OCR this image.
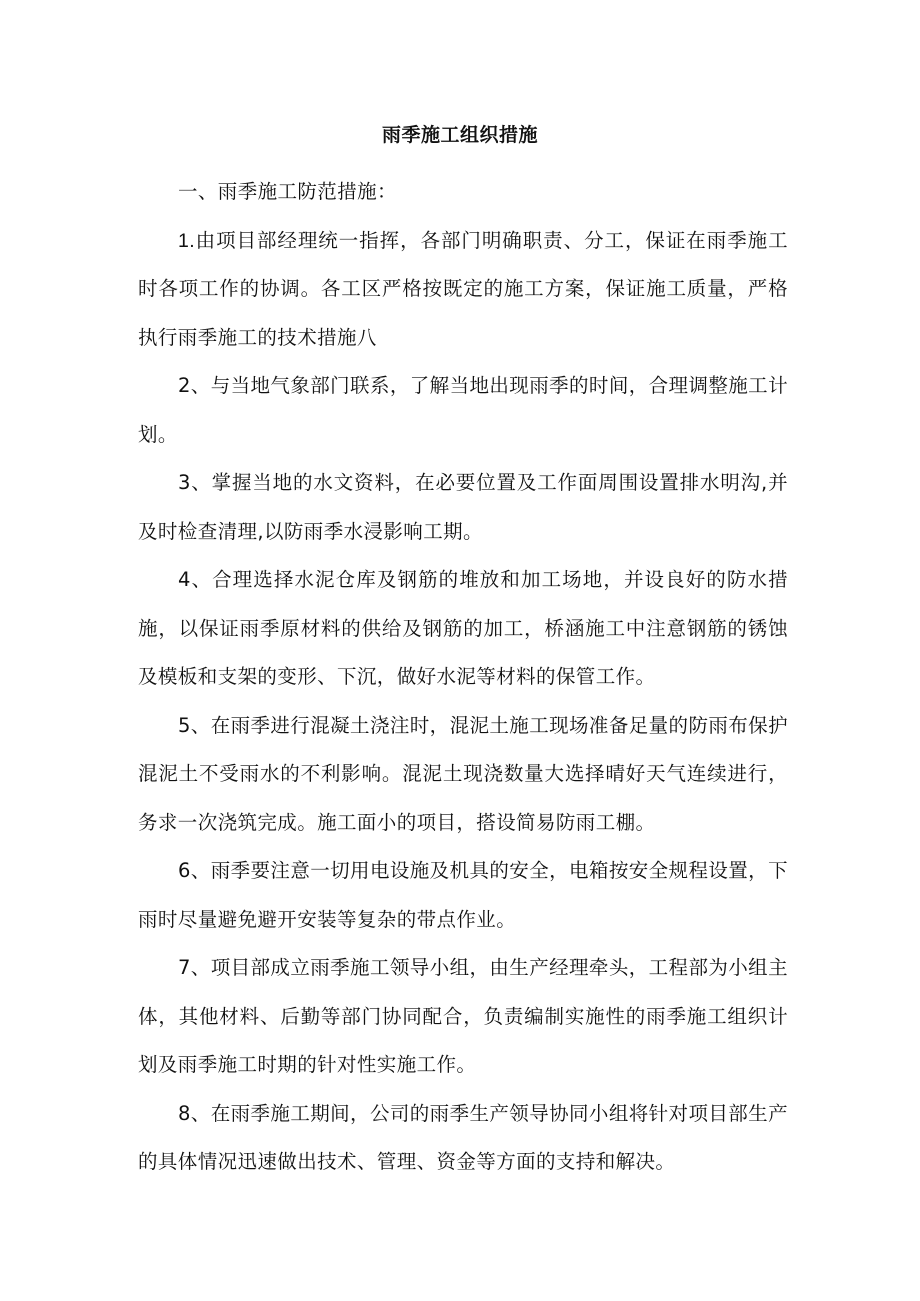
雨季施工组织措施

一、雨季施工防范措施：

1.由项目部经理统一指挥，各部门明确职责、分工，保证在雨季施工时各项工作的协调。各工区严格按既定的施工方案，保证施工质量，严格执行雨季施工的技术措施八

2、与当地气象部门联系，了解当地出现雨季的时间，合理调整施工计划。

3、掌握当地的水文资料，在必要位置及工作面周围设置排水明沟,并及时检查清理,以防雨季水浸影响工期。

4、合理选择水泥仓库及钢筋的堆放和加工场地，并设良好的防水措施，以保证雨季原材料的供给及钢筋的加工，桥涵施工中注意钢筋的锈蚀及模板和支架的变形、下沉，做好水泥等材料的保管工作。

5、在雨季进行混凝土浇注时，混泥土施工现场准备足量的防雨布保护混泥土不受雨水的不利影响。混泥土现浇数量大选择晴好天气连续进行，务求一次浇筑完成。施工面小的项目，搭设简易防雨工棚。

6、雨季要注意一切用电设施及机具的安全，电箱按安全规程设置，下雨时尽量避免避开安装等复杂的带点作业。

7、项目部成立雨季施工领导小组，由生产经理牵头，工程部为小组主体，其他材料、后勤等部门协同配合，负责编制实施性的雨季施工组织计划及雨季施工时期的针对性实施工作。

8、在雨季施工期间，公司的雨季生产领导协同小组将针对项目部生产的具体情况迅速做出技术、管理、资金等方面的支持和解决。
